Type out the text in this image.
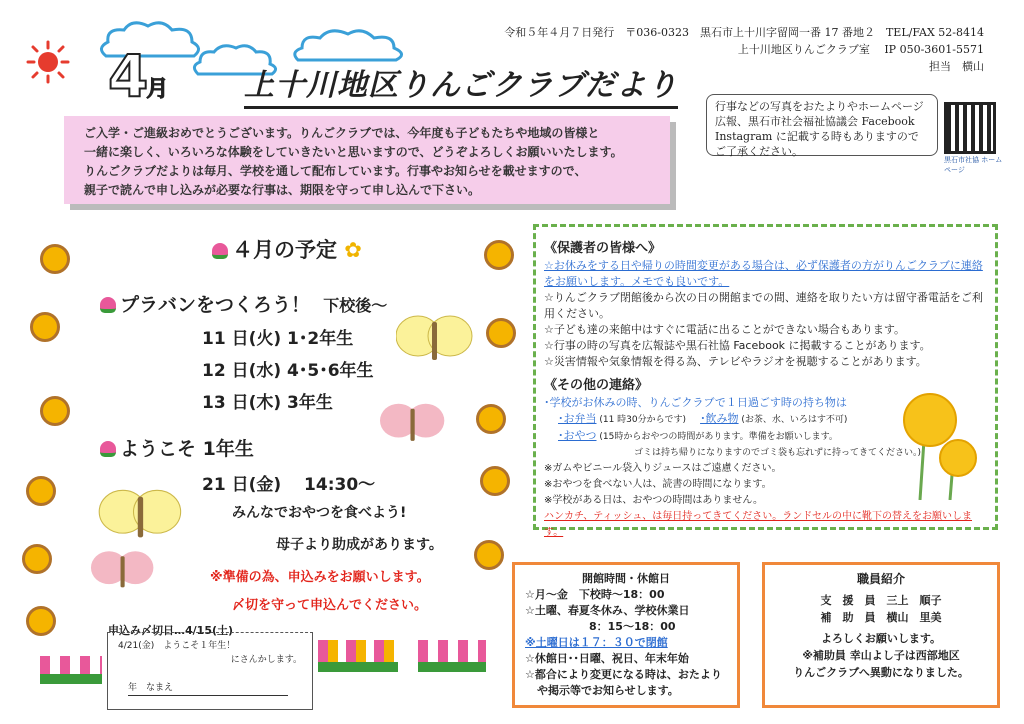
4月	上十川地区りんごクラブだより
令和５年４月７日発行　〒036-0323　黒石市上十川字留岡一番 17 番地２　TEL/FAX 52-8414
上十川地区りんごクラブ室　 IP 050-3601-5571
担当　横山
行事などの写真をおたよりやホームページ
広報、黒石市社会福祉協議会 Facebook
Instagram に記載する時もありますので
ご了承ください。
黒石市社協 ホームページ
ご入学・ご進級おめでとうございます。りんごクラブでは、今年度も子どもたちや地域の皆様と
一緒に楽しく、いろいろな体験をしていきたいと思いますので、どうぞよろしくお願いいたします。
りんごクラブだよりは毎月、学校を通して配布しています。行事やお知らせを載せますので、
親子で読んで申し込みが必要な行事は、期限を守って申し込んで下さい。
４月の予定 ✿
プラバンをつくろう！ 下校後～
11 日(火) 1･2年生
12 日(水) 4･5･6年生
13 日(木) 3年生
ようこそ 1年生
21 日(金)　 14:30～
みんなでおやつを食べよう!
母子より助成があります。
※準備の為、申込みをお願いします。
〆切を守って申込んでください。
申込み〆切日…4/15(土)
4/21(金)　ようこそ１年生！
にさんかします。
年　なまえ
《保護者の皆様へ》
☆お休みをする日や帰りの時間変更がある場合は、必ず保護者の方がりんごクラブに連絡をお願いします。メモでも良いです。
☆りんごクラブ閉館後から次の日の開館までの間、連絡を取りたい方は留守番電話をご利用ください。
☆子ども達の来館中はすぐに電話に出ることができない場合もあります。
☆行事の時の写真を広報誌や黒石社協 Facebook に掲載することがあります。
☆災害情報や気象情報を得る為、テレビやラジオを視聴することがあります。
《その他の連絡》
･学校がお休みの時、りんごクラブで１日過ごす時の持ち物は
･お弁当 (11 時30分からです) ･飲み物 (お茶、水、いろはす不可)
･おやつ (15時からおやつの時間があります。準備をお願いします。
ゴミは持ち帰りになりますのでゴミ袋も忘れずに持ってきてください。)
※ガムやビニール袋入りジュースはご遠慮ください。
※おやつを食べない人は、読書の時間になります。
※学校がある日は、おやつの時間はありません。
ハンカチ、ティッシュ、は毎日持ってきてください。ランドセルの中に靴下の替えをお願いします。
開館時間・休館日
☆月～金　下校時～18：00
☆土曜、春夏冬休み、学校休業日
8：15～18：00
※土曜日は１７：３０で閉館
☆休館日･･日曜、祝日、年末年始
☆都合により変更になる時は、おたより
や掲示等でお知らせします。
職員紹介
支　援　員　三上　順子
補　助　員　横山　里美
よろしくお願いします。
※補助員 幸山よし子は西部地区
りんごクラブへ異動になりました。
